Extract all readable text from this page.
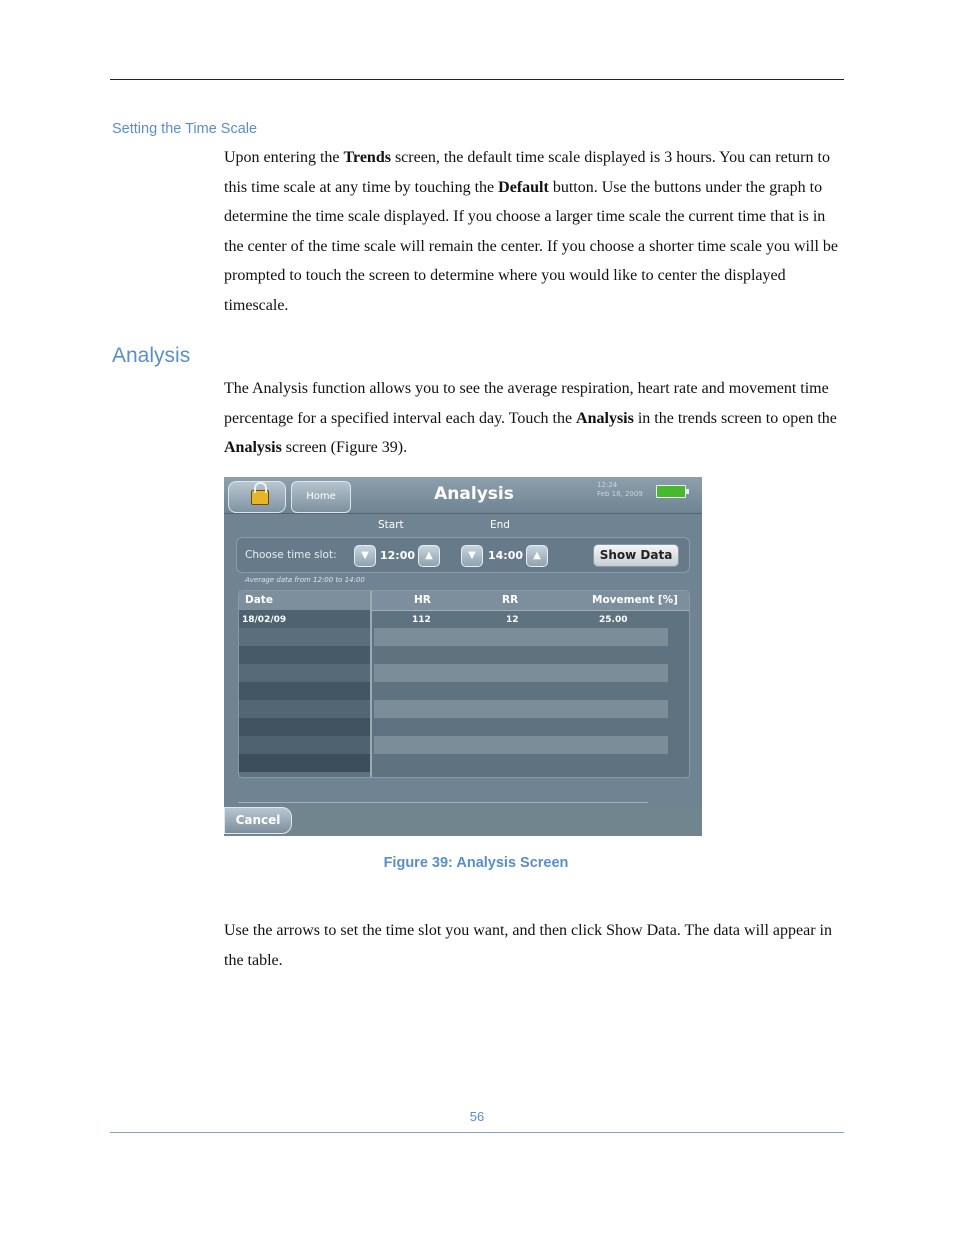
Setting the Time Scale

Upon entering the Trends screen, the default time scale displayed is 3 hours. You can return to this time scale at any time by touching the Default button. Use the buttons under the graph to determine the time scale displayed. If you choose a larger time scale the current time that is in the center of the time scale will remain the center. If you choose a shorter time scale you will be prompted to touch the screen to determine where you would like to center the displayed timescale.

Analysis

The Analysis function allows you to see the average respiration, heart rate and movement time percentage for a specified interval each day. Touch the Analysis in the trends screen to open the Analysis screen (Figure 39).

Home	Analysis	12:24
Feb 18, 2009
Start	End
Choose time slot:	▼	12:00	▲	▼	14:00	▲	Show Data
Average data from 12:00 to 14:00
Date	HR	RR	Movement [%]
18/02/09	112	12	25.00
Cancel
Figure 39: Analysis Screen

Use the arrows to set the time slot you want, and then click Show Data. The data will appear in the table.

56
